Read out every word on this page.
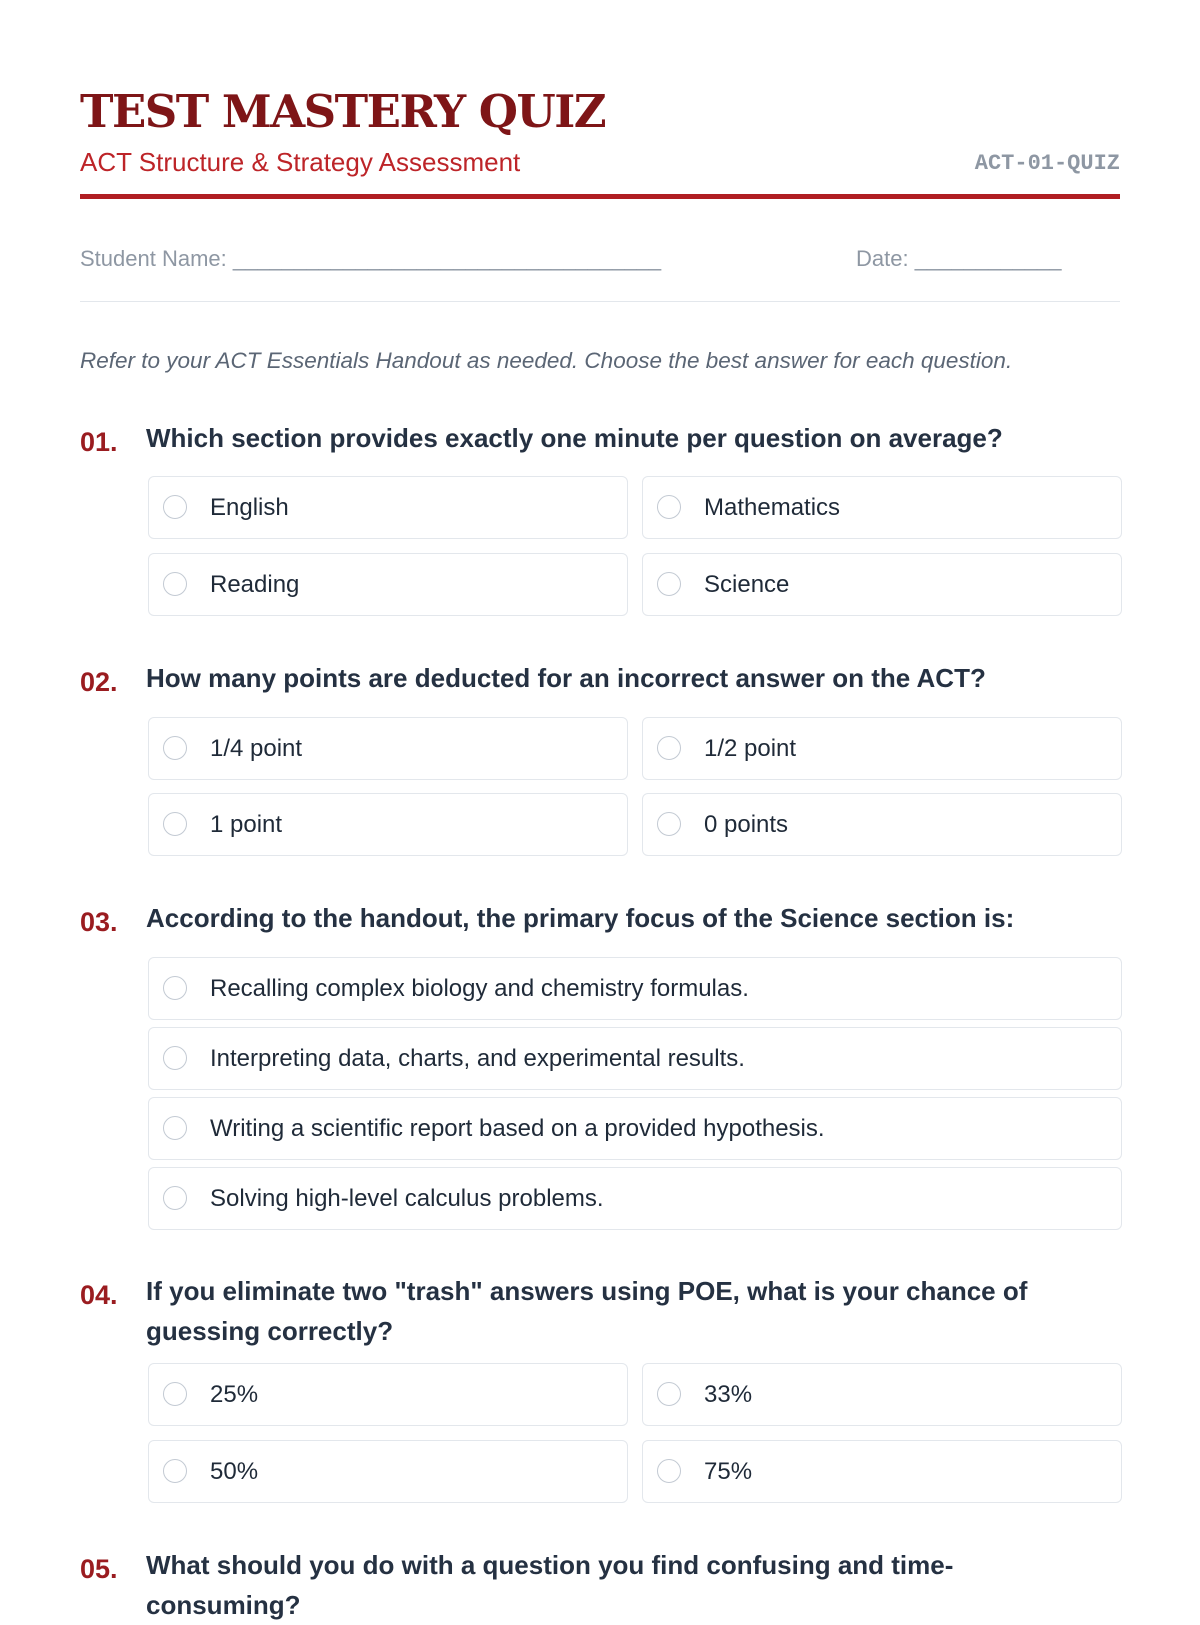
TEST MASTERY QUIZ
ACT Structure & Strategy Assessment	ACT-01-QUIZ
Student Name: ___________________________________	Date: ____________
Refer to your ACT Essentials Handout as needed. Choose the best answer for each question.
01. Which section provides exactly one minute per question on average?
English	Mathematics
Reading	Science
02. How many points are deducted for an incorrect answer on the ACT?
1/4 point	1/2 point
1 point	0 points
03. According to the handout, the primary focus of the Science section is:
Recalling complex biology and chemistry formulas.
Interpreting data, charts, and experimental results.
Writing a scientific report based on a provided hypothesis.
Solving high-level calculus problems.
04. If you eliminate two "trash" answers using POE, what is your chance of guessing correctly?
25%	33%
50%	75%
05. What should you do with a question you find confusing and time-consuming?
